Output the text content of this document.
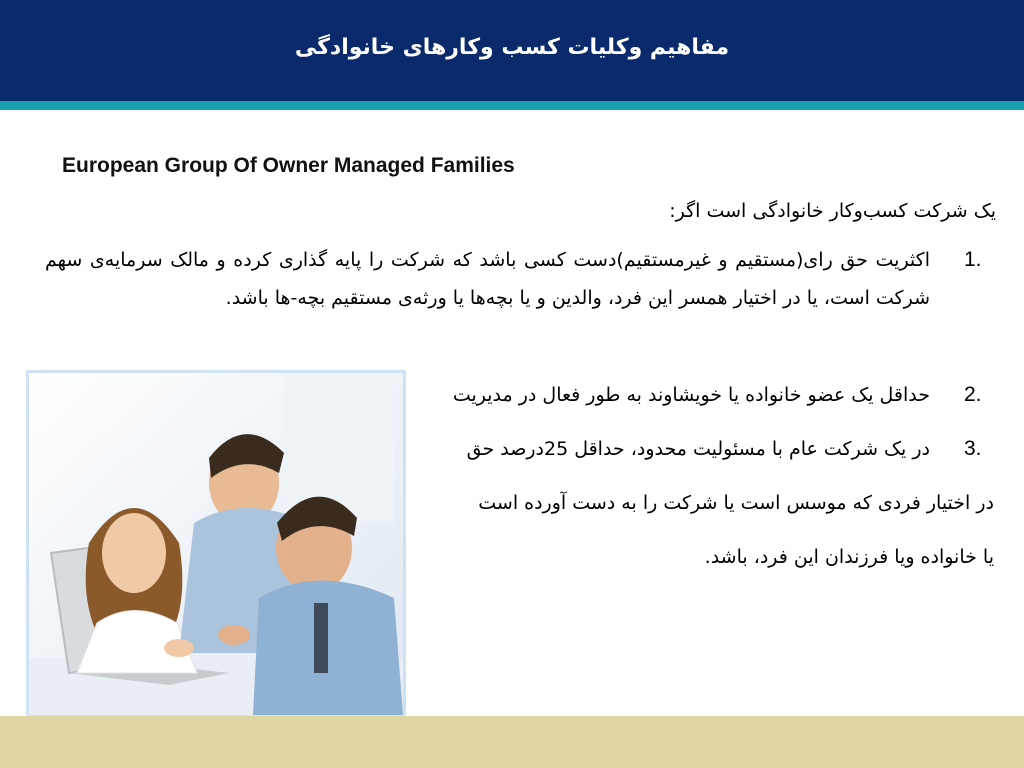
مفاهیم وکلیات کسب وکارهای خانوادگی
European Group Of Owner Managed Families
یک شرکت کسب‌وکار خانوادگی است اگر:
1.
اکثریت حق رای(مستقیم و غیرمستقیم)دست کسی باشد که شرکت را پایه گذاری کرده و مالک سرمایه‌ی سهم شرکت است، یا در اختیار همسر این فرد، والدین و یا بچه‌ها یا ورثه‌ی مستقیم بچه-ها باشد.
2.
حداقل یک عضو خانواده یا خویشاوند به طور فعال در مدیریت
3.
در یک شرکت عام با مسئولیت محدود، حداقل 25درصد حق
در اختیار فردی که موسس است یا شرکت را به دست آورده است
یا خانواده ویا فرزندان این فرد، باشد.
